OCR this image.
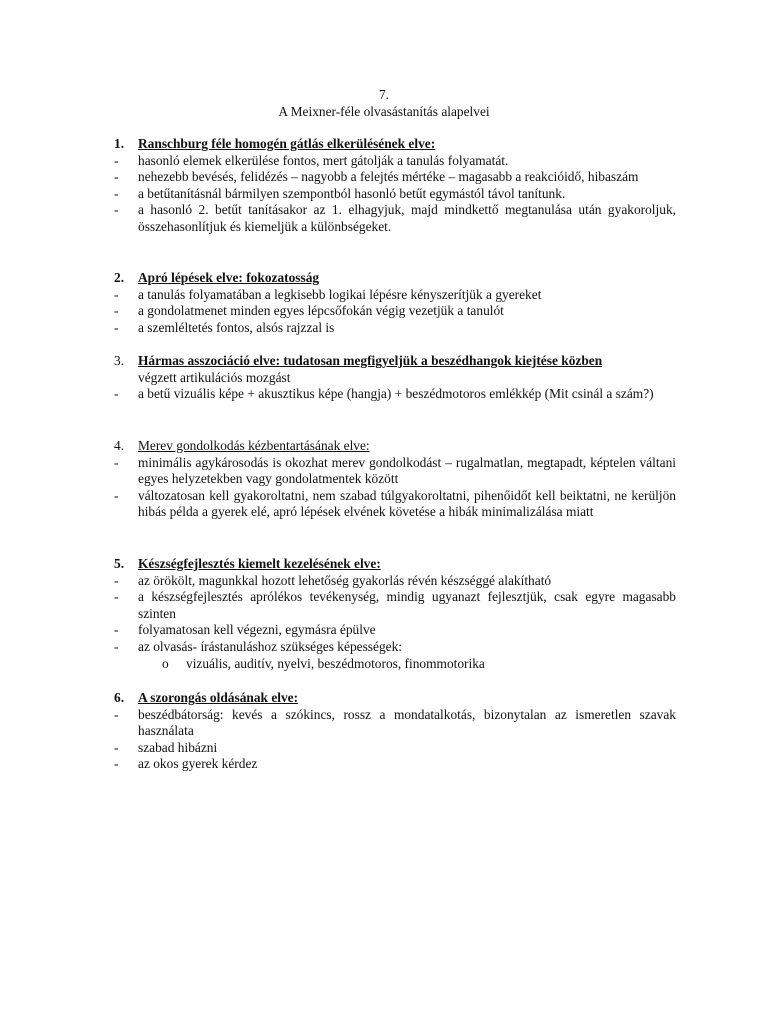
7.
A Meixner-féle olvasástanítás alapelvei
1.	Ranschburg féle homogén gátlás elkerülésének elve:
-	hasonló elemek elkerülése fontos, mert gátolják a tanulás folyamatát.
-	nehezebb bevésés, felidézés – nagyobb a felejtés mértéke – magasabb a reakcióidő, hibaszám
-	a betűtanításnál bármilyen szempontból hasonló betűt egymástól távol tanítunk.
-	a hasonló 2. betűt tanításakor az 1. elhagyjuk, majd mindkettő megtanulása után gyakoroljuk, összehasonlítjuk és kiemeljük a különbségeket.
2.	Apró lépések elve: fokozatosság
-	a tanulás folyamatában a legkisebb logikai lépésre kényszerítjük a gyereket
-	a gondolatmenet minden egyes lépcsőfokán végig vezetjük a tanulót
-	a szemléltetés fontos, alsós rajzzal is
3.	Hármas asszociáció elve: tudatosan megfigyeljük a beszédhangok kiejtése közben
végzett artikulációs mozgást
-	a betű vizuális képe + akusztikus képe (hangja) + beszédmotoros emlékkép (Mit csinál a szám?)
4.	Merev gondolkodás kézbentartásának elve:
-	minimális agykárosodás is okozhat merev gondolkodást – rugalmatlan, megtapadt, képtelen váltani egyes helyzetekben vagy gondolatmentek között
-	változatosan kell gyakoroltatni, nem szabad túlgyakoroltatni, pihenőidőt kell beiktatni, ne kerüljön hibás példa a gyerek elé, apró lépések elvének követése a hibák minimalizálása miatt
5.	Készségfejlesztés kiemelt kezelésének elve:
-	az örökölt, magunkkal hozott lehetőség gyakorlás révén készséggé alakítható
-	a készségfejlesztés aprólékos tevékenység, mindig ugyanazt fejlesztjük, csak egyre magasabb szinten
-	folyamatosan kell végezni, egymásra épülve
-	az olvasás- írástanuláshoz szükséges képességek:
o vizuális, auditív, nyelvi, beszédmotoros, finommotorika
6.	A szorongás oldásának elve:
-	beszédbátorság: kevés a szókincs, rossz a mondatalkotás, bizonytalan az ismeretlen szavak használata
-	szabad hibázni
-	az okos gyerek kérdez
